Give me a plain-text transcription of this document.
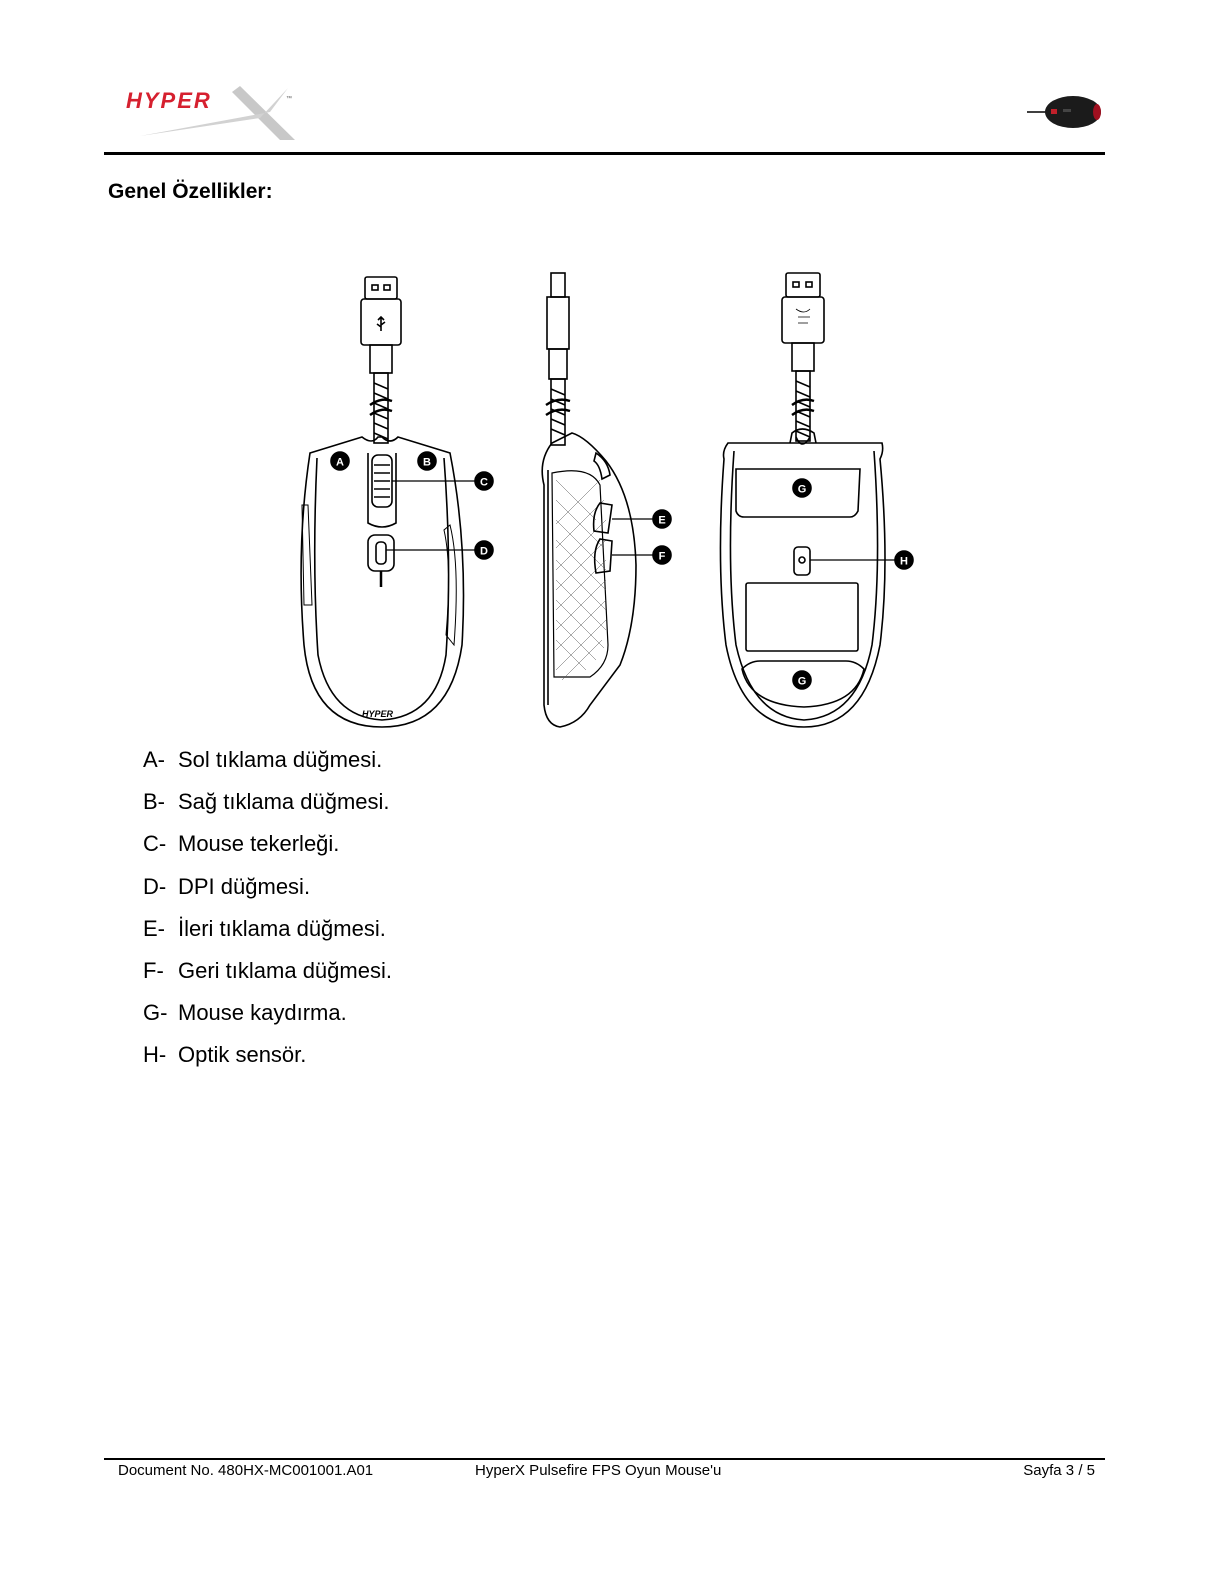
HYPER	™
Genel Özellikler:
HYPER
A	B
C
D
E
F
G
H
G
A- Sol tıklama düğmesi.
B- Sağ tıklama düğmesi.
C- Mouse tekerleği.
D- DPI düğmesi.
E- İleri tıklama düğmesi.
F- Geri tıklama düğmesi.
G- Mouse kaydırma.
H- Optik sensör.
Document No. 480HX-MC001001.A01	HyperX Pulsefire FPS Oyun Mouse'u	Sayfa 3 / 5
